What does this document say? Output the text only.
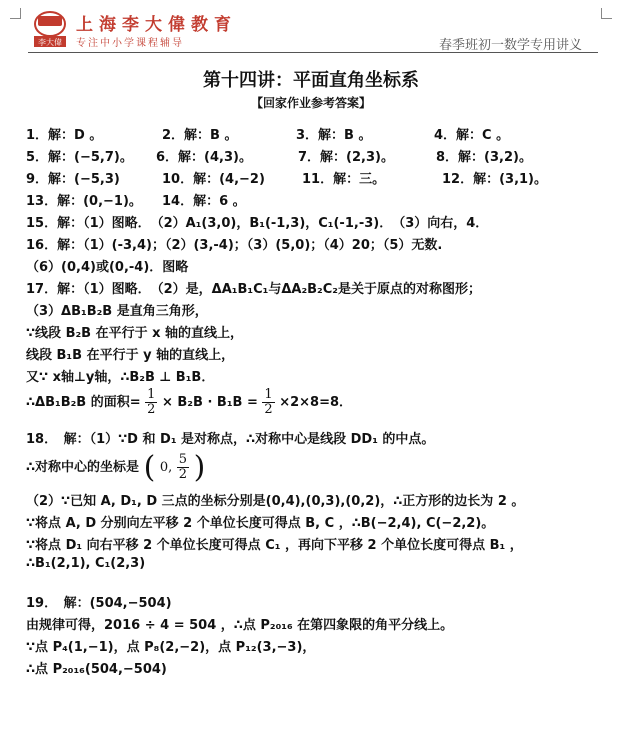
李大偉
上海李大偉教育
专注中小学课程辅导	春季班初一数学专用讲义
第十四讲：平面直角坐标系
【回家作业参考答案】
1．解：D 。	2．解：B 。	3．解：B 。	4．解：C 。
5．解：(−5,7)。 6．解：(4,3)。	7．解：(2,3)。	8．解：(3,2)。
9．解：(−5,3)	10．解：(4,−2)	11．解：三。	12．解：(3,1)。
13．解：(0,−1)。 14．解：6 。
15．解：（1）图略．　（2）A₁(3,0)，B₁(-1,3)，C₁(-1,-3)．　（3）向右，4．
16．解：（1）(-3,4)；（2）(3,-4)；（3）(5,0)；（4）20；（5）无数.
（6）(0,4)或(0,-4)．图略
17．解：（1）图略．　（2）是，ΔA₁B₁C₁与ΔA₂B₂C₂是关于原点的对称图形；
（3）ΔB₁B₂B 是直角三角形，
∵线段 B₂B 在平行于 x 轴的直线上，
线段 B₁B 在平行于 y 轴的直线上，
又∵ x轴⊥y轴，∴B₂B ⊥ B₁B．
∴ΔB₁B₂B 的面积= $\frac{1}{2} \times B_2B \cdot B_1B = \frac{1}{2} \times 2\times 8=8$．
18．　解：（1）∵D 和 D₁ 是对称点，∴对称中心是线段 DD₁ 的中点。
∴对称中心的坐标是 ( 0, $\frac{5}{2}$ )
（2）∵已知 A, D₁, D 三点的坐标分别是(0,4),(0,3),(0,2)，∴正方形的边长为 2 。
∵将点 A, D 分别向左平移 2 个单位长度可得点 B, C ，∴B(−2,4), C(−2,2)。
∵将点 D₁ 向右平移 2 个单位长度可得点 C₁ ，再向下平移 2 个单位长度可得点 B₁ ，
∴B₁(2,1), C₁(2,3)
19．　解：(504,−504)
由规律可得，2016 ÷ 4 = 504 ，∴点 P₂₀₁₆ 在第四象限的角平分线上。
∵点 P₄(1,−1)，点 P₈(2,−2)，点 P₁₂(3,−3)，
∴点 P₂₀₁₆(504,−504)
